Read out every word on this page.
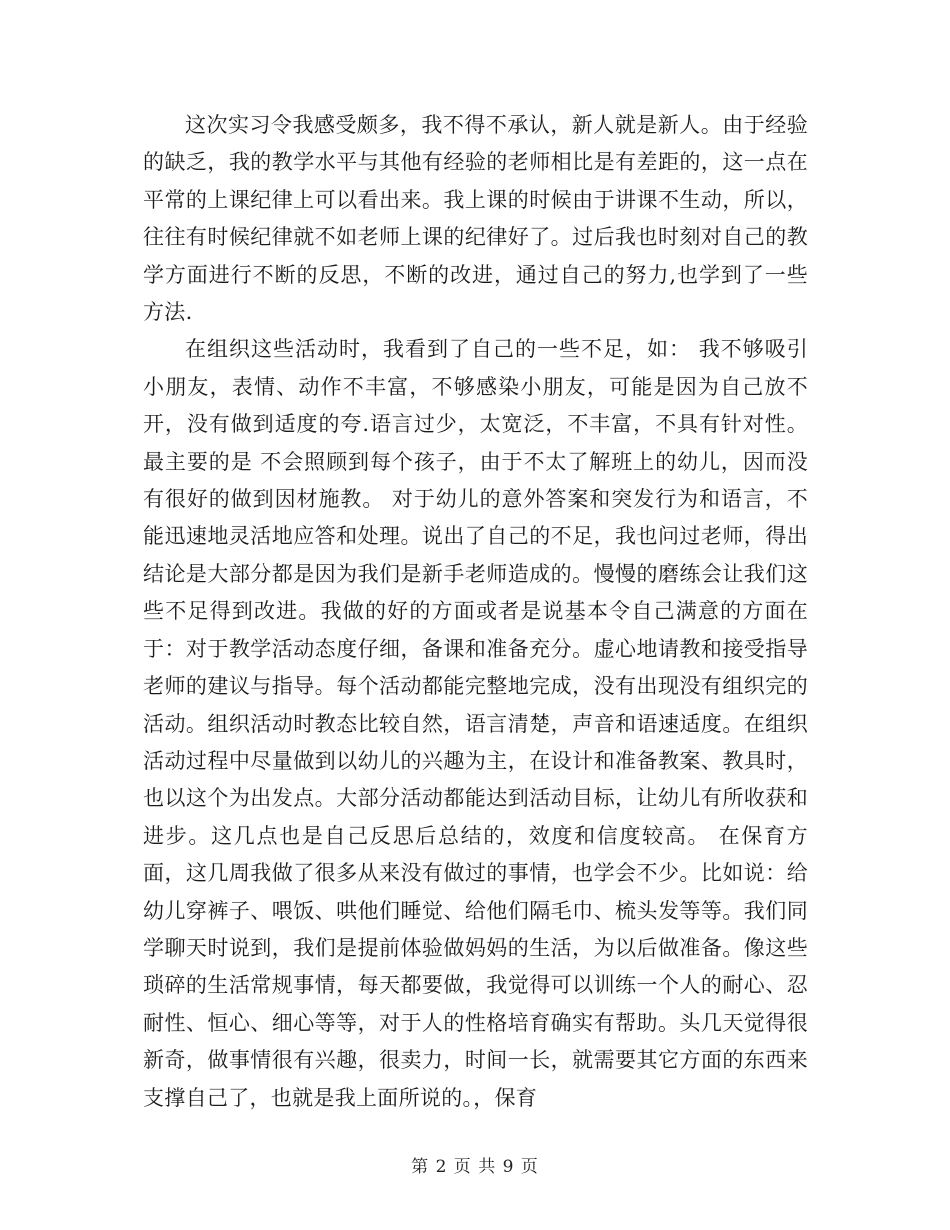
这次实习令我感受颇多，我不得不承认，新人就是新人。由于经验的缺乏，我的教学水平与其他有经验的老师相比是有差距的，这一点在平常的上课纪律上可以看出来。我上课的时候由于讲课不生动，所以，往往有时候纪律就不如老师上课的纪律好了。过后我也时刻对自己的教学方面进行不断的反思，不断的改进，通过自己的努力,也学到了一些方法.

在组织这些活动时，我看到了自己的一些不足，如： 我不够吸引小朋友，表情、动作不丰富，不够感染小朋友，可能是因为自己放不开，没有做到适度的夸.语言过少，太宽泛，不丰富，不具有针对性。最主要的是 不会照顾到每个孩子，由于不太了解班上的幼儿，因而没有很好的做到因材施教。 对于幼儿的意外答案和突发行为和语言，不能迅速地灵活地应答和处理。说出了自己的不足，我也问过老师，得出结论是大部分都是因为我们是新手老师造成的。慢慢的磨练会让我们这些不足得到改进。我做的好的方面或者是说基本令自己满意的方面在于：对于教学活动态度仔细，备课和准备充分。虚心地请教和接受指导老师的建议与指导。每个活动都能完整地完成，没有出现没有组织完的活动。组织活动时教态比较自然，语言清楚，声音和语速适度。在组织活动过程中尽量做到以幼儿的兴趣为主，在设计和准备教案、教具时，也以这个为出发点。大部分活动都能达到活动目标，让幼儿有所收获和进步。这几点也是自己反思后总结的，效度和信度较高。 在保育方面，这几周我做了很多从来没有做过的事情，也学会不少。比如说：给幼儿穿裤子、喂饭、哄他们睡觉、给他们隔毛巾、梳头发等等。我们同学聊天时说到，我们是提前体验做妈妈的生活，为以后做准备。像这些琐碎的生活常规事情，每天都要做，我觉得可以训练一个人的耐心、忍耐性、恒心、细心等等，对于人的性格培育确实有帮助。头几天觉得很新奇，做事情很有兴趣，很卖力，时间一长，就需要其它方面的东西来支撑自己了，也就是我上面所说的。，保育

第 2 页 共 9 页
